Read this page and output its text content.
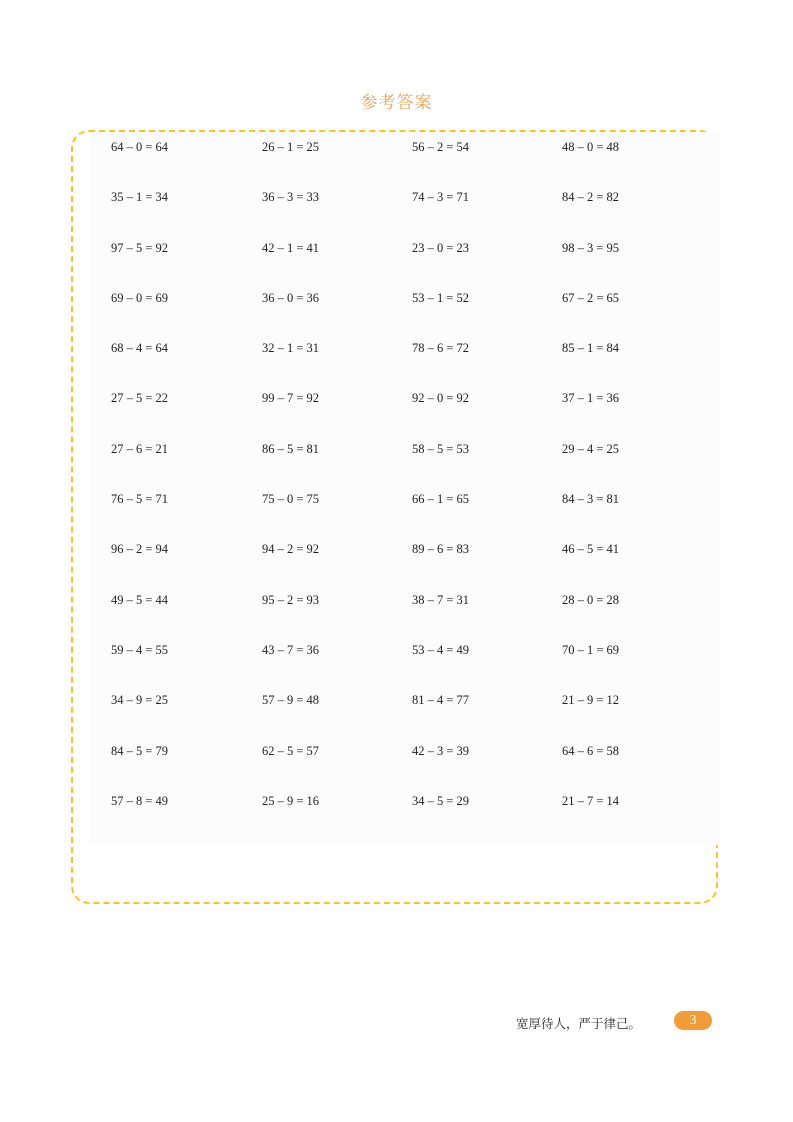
参考答案
64 – 0 = 64	26 – 1 = 25	56 – 2 = 54	48 – 0 = 48
35 – 1 = 34	36 – 3 = 33	74 – 3 = 71	84 – 2 = 82
97 – 5 = 92	42 – 1 = 41	23 – 0 = 23	98 – 3 = 95
69 – 0 = 69	36 – 0 = 36	53 – 1 = 52	67 – 2 = 65
68 – 4 = 64	32 – 1 = 31	78 – 6 = 72	85 – 1 = 84
27 – 5 = 22	99 – 7 = 92	92 – 0 = 92	37 – 1 = 36
27 – 6 = 21	86 – 5 = 81	58 – 5 = 53	29 – 4 = 25
76 – 5 = 71	75 – 0 = 75	66 – 1 = 65	84 – 3 = 81
96 – 2 = 94	94 – 2 = 92	89 – 6 = 83	46 – 5 = 41
49 – 5 = 44	95 – 2 = 93	38 – 7 = 31	28 – 0 = 28
59 – 4 = 55	43 – 7 = 36	53 – 4 = 49	70 – 1 = 69
34 – 9 = 25	57 – 9 = 48	81 – 4 = 77	21 – 9 = 12
84 – 5 = 79	62 – 5 = 57	42 – 3 = 39	64 – 6 = 58
57 – 8 = 49	25 – 9 = 16	34 – 5 = 29	21 – 7 = 14
宽厚待人，严于律己。	3
